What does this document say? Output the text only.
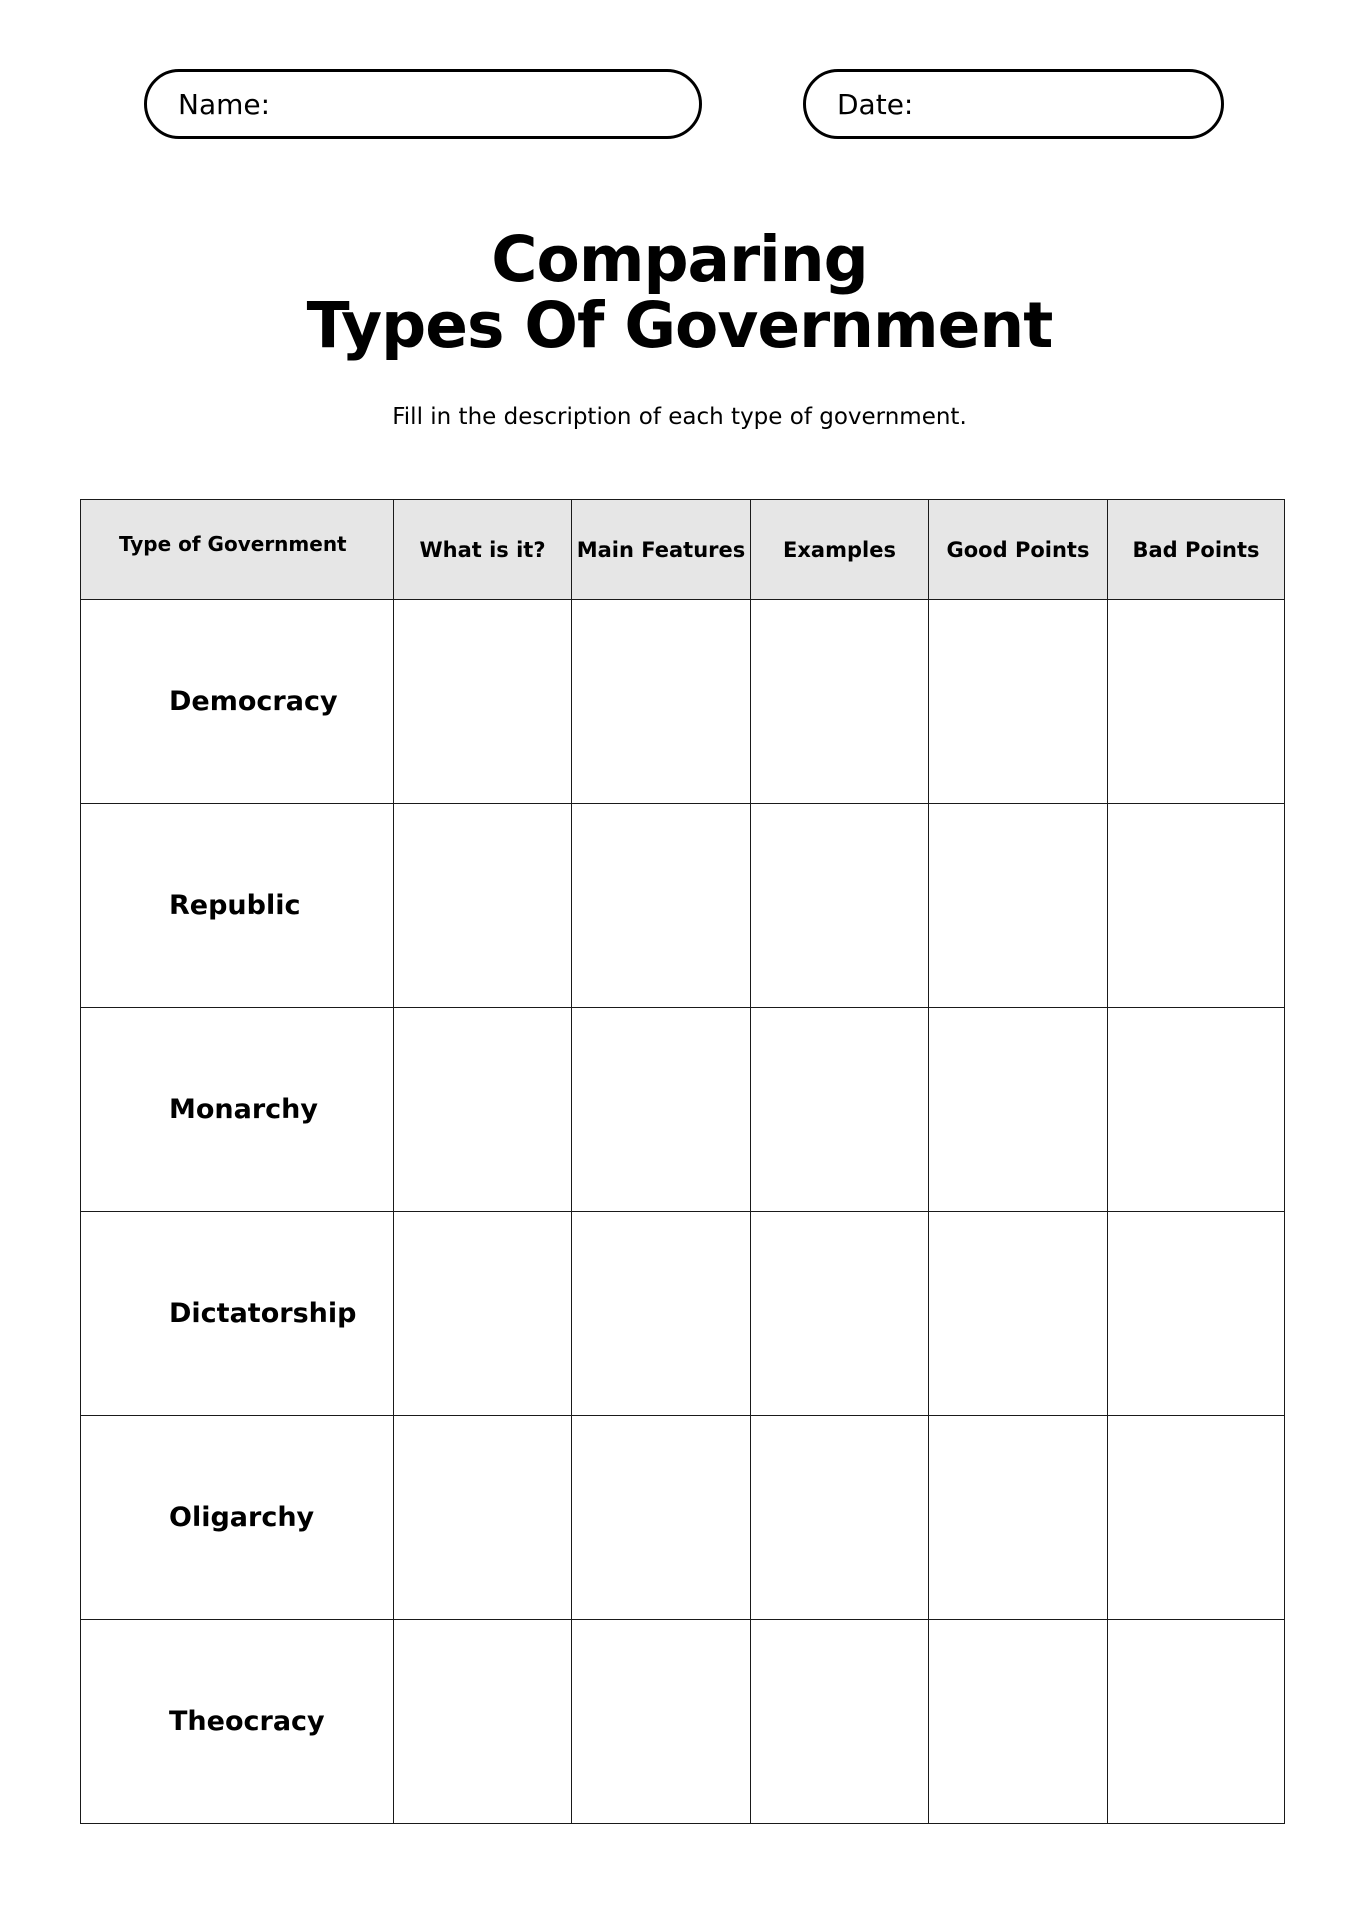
Name:	Date:
Comparing
Types Of Government
Fill in the description of each type of government.
Type of Government	What is it?	Main Features	Examples	Good Points	Bad Points
Democracy					
Republic					
Monarchy					
Dictatorship					
Oligarchy					
Theocracy					
